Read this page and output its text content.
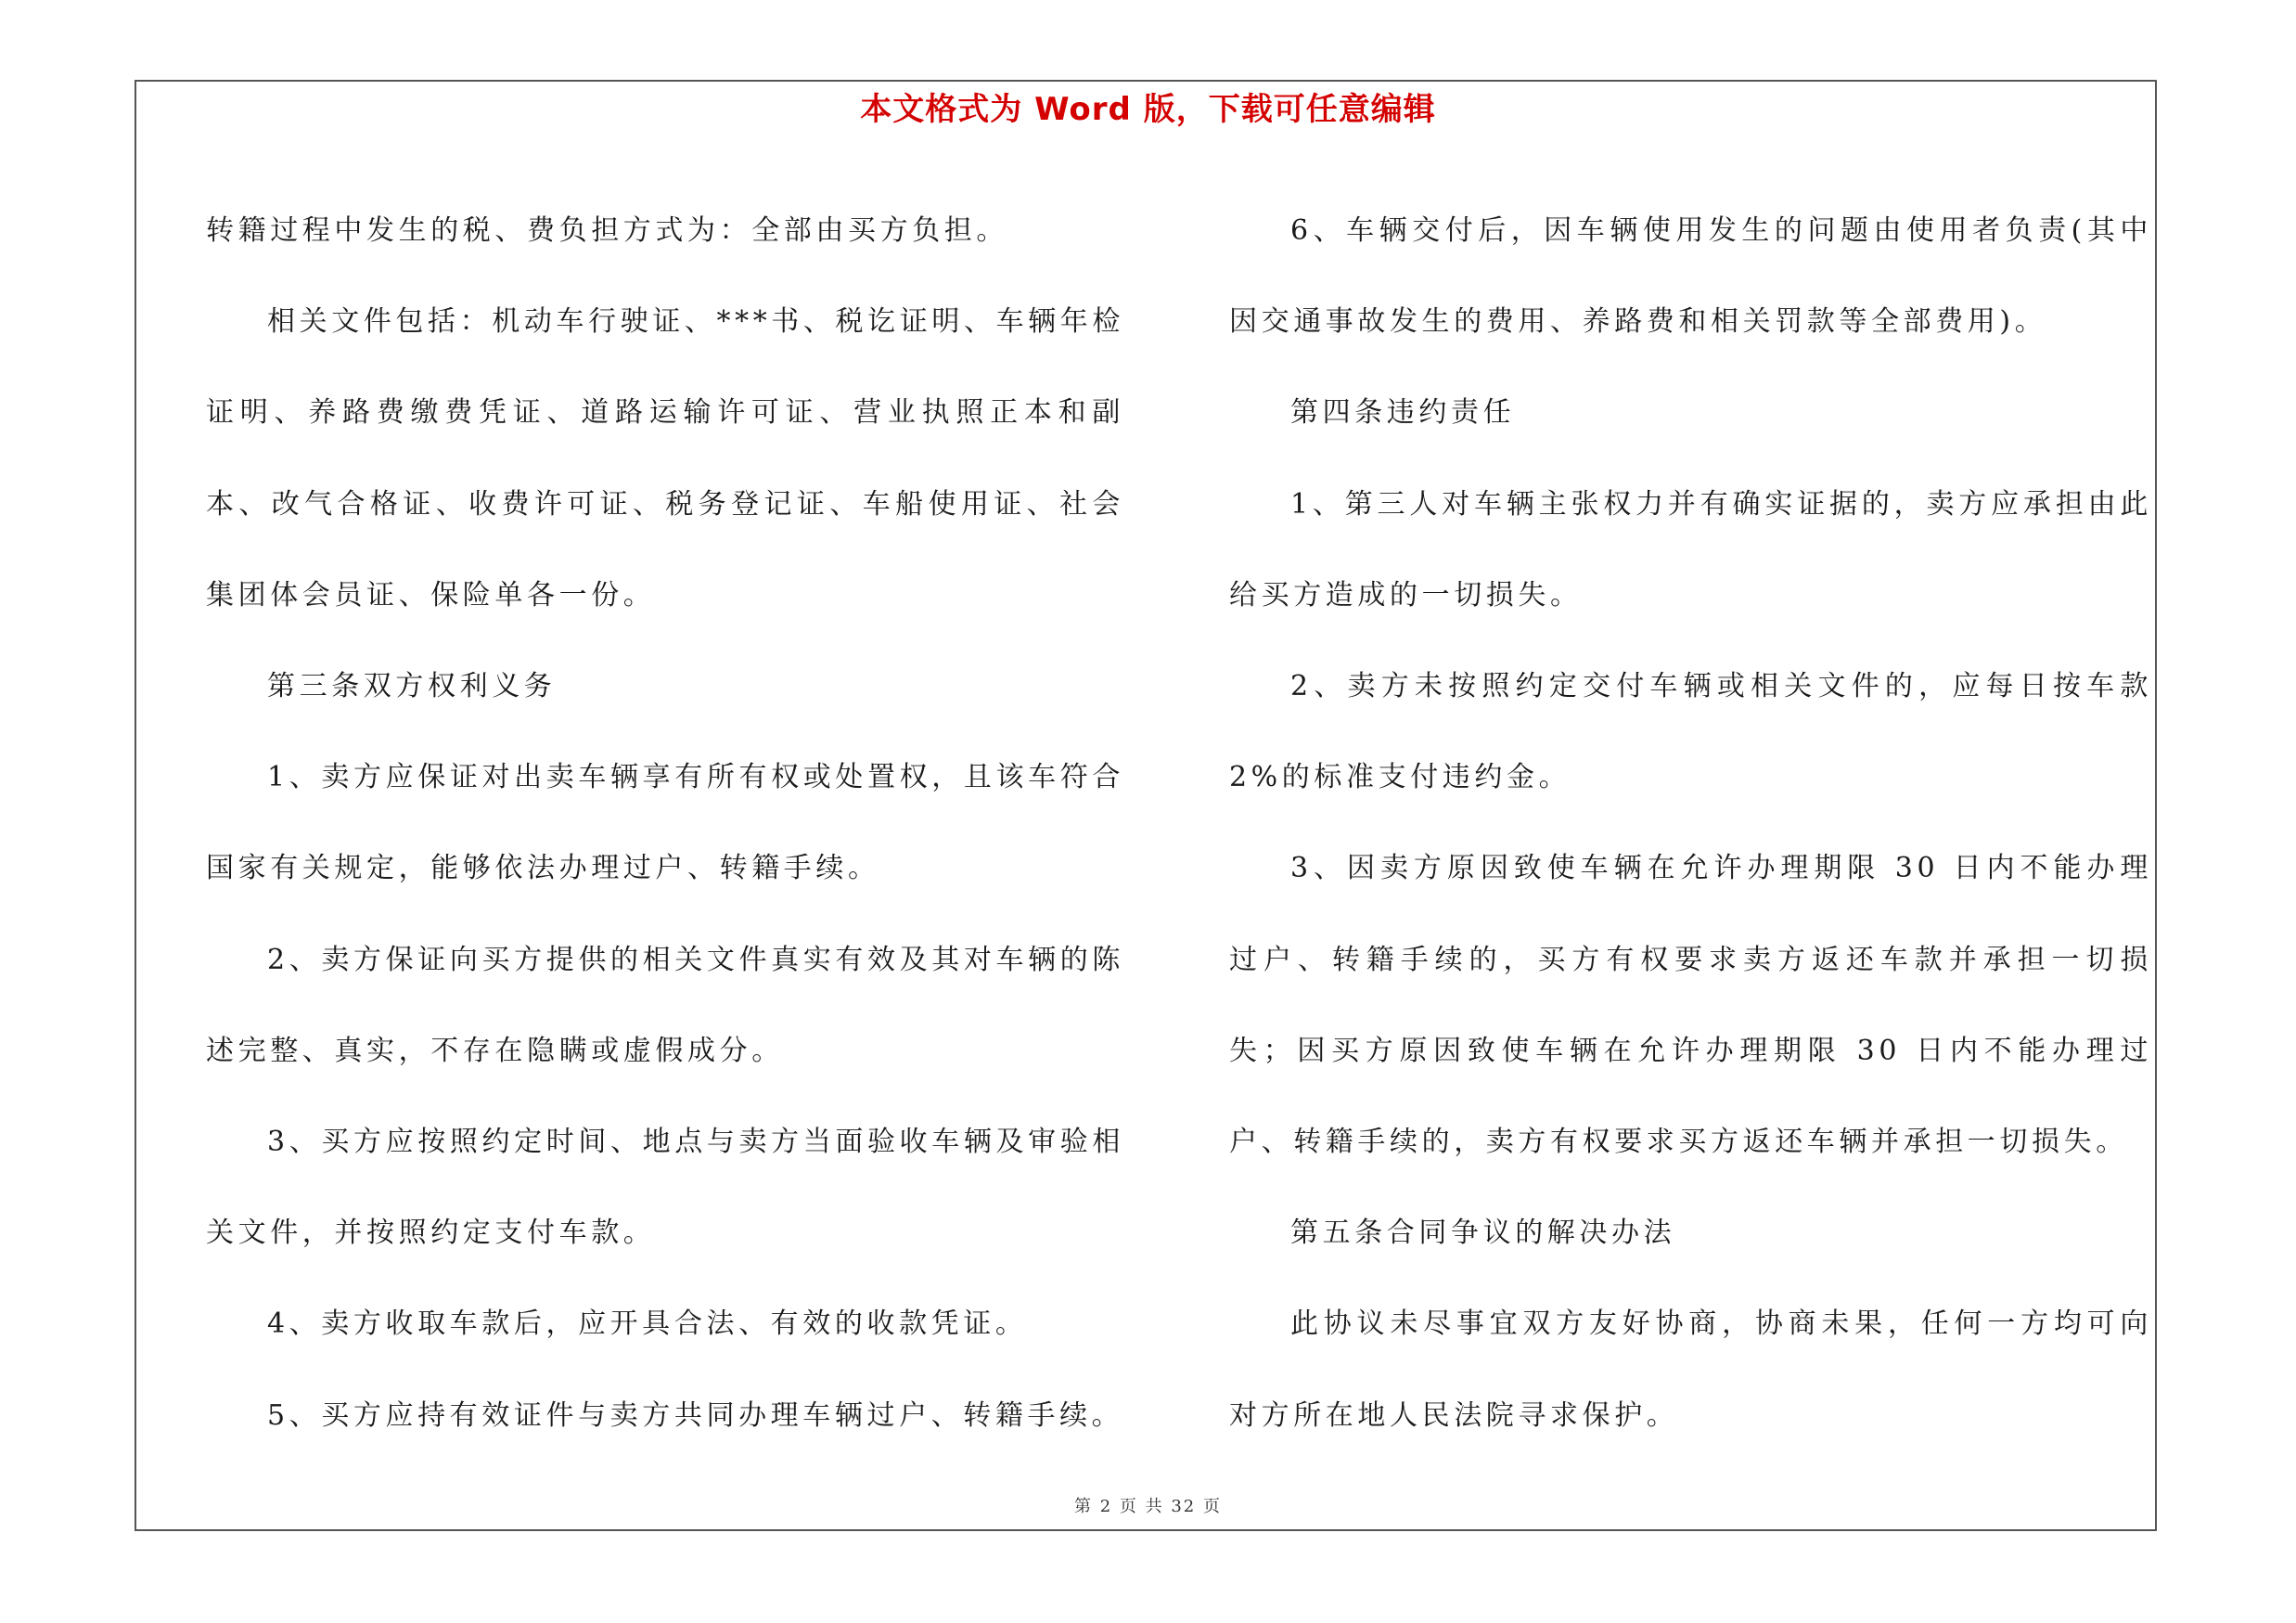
本文格式为 Word 版，下载可任意编辑

转籍过程中发生的税、费负担方式为：全部由买方负担。

相关文件包括：机动车行驶证、***书、税讫证明、车辆年检证明、养路费缴费凭证、道路运输许可证、营业执照正本和副本、改气合格证、收费许可证、税务登记证、车船使用证、社会集团体会员证、保险单各一份。

第三条双方权利义务

1、卖方应保证对出卖车辆享有所有权或处置权，且该车符合国家有关规定，能够依法办理过户、转籍手续。

2、卖方保证向买方提供的相关文件真实有效及其对车辆的陈述完整、真实，不存在隐瞒或虚假成分。

3、买方应按照约定时间、地点与卖方当面验收车辆及审验相关文件，并按照约定支付车款。

4、卖方收取车款后，应开具合法、有效的收款凭证。

5、买方应持有效证件与卖方共同办理车辆过户、转籍手续。

6、车辆交付后，因车辆使用发生的问题由使用者负责(其中因交通事故发生的费用、养路费和相关罚款等全部费用)。

第四条违约责任

1、第三人对车辆主张权力并有确实证据的，卖方应承担由此给买方造成的一切损失。

2、卖方未按照约定交付车辆或相关文件的，应每日按车款 2%的标准支付违约金。

3、因卖方原因致使车辆在允许办理期限 30 日内不能办理过户、转籍手续的，买方有权要求卖方返还车款并承担一切损失；因买方原因致使车辆在允许办理期限 30 日内不能办理过户、转籍手续的，卖方有权要求买方返还车辆并承担一切损失。

第五条合同争议的解决办法

此协议未尽事宜双方友好协商，协商未果，任何一方均可向对方所在地人民法院寻求保护。

第 2 页 共 32 页
